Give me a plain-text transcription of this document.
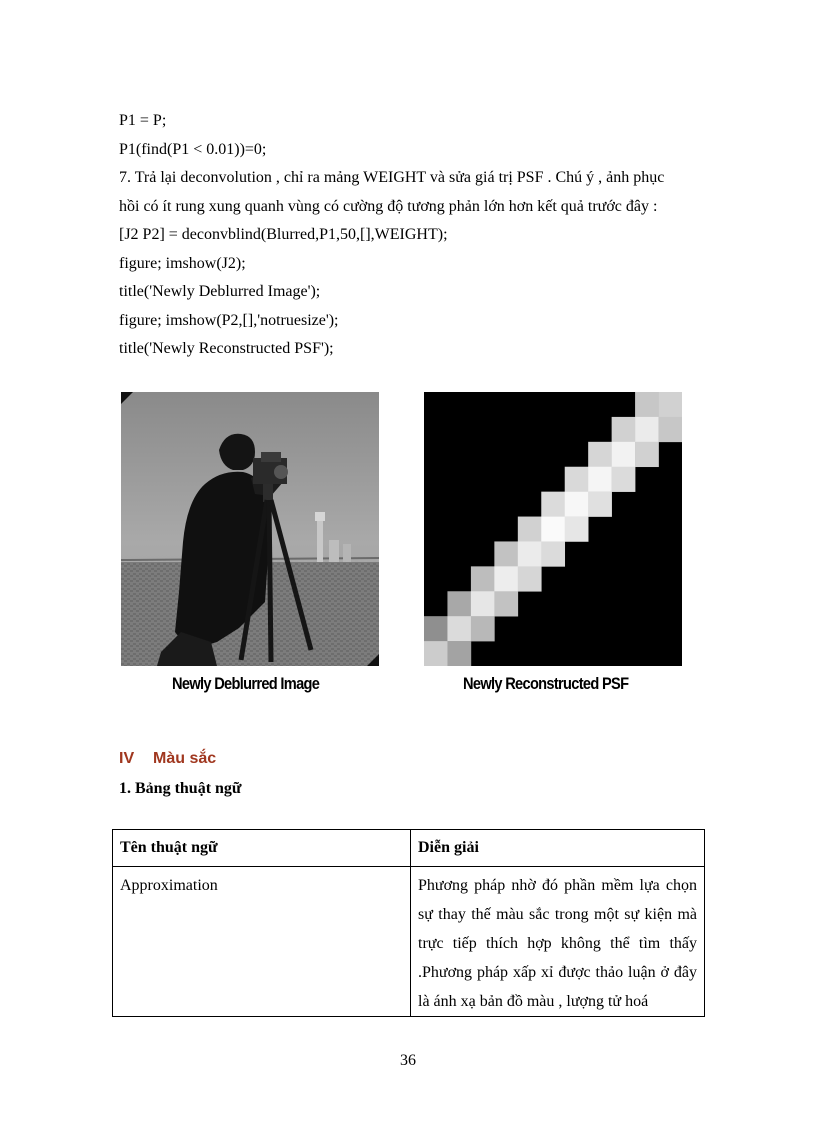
P1 = P;
P1(find(P1 < 0.01))=0;
7. Trả lại deconvolution , chỉ ra mảng WEIGHT và sửa giá trị PSF . Chú ý , ảnh phục
hồi có ít rung xung quanh vùng có cường độ tương phản lớn hơn kết quả trước đây :
[J2 P2] = deconvblind(Blurred,P1,50,[],WEIGHT);
figure; imshow(J2);
title('Newly Deblurred Image');
figure; imshow(P2,[],'notruesize');
title('Newly Reconstructed PSF');
Newly Deblurred Image	Newly Reconstructed PSF
IV Màu sắc
1. Bảng thuật ngữ
Tên thuật ngữ	Diễn giải
Approximation	Phương pháp nhờ đó phần mềm lựa chọn sự thay thế màu sắc trong một sự kiện mà trực tiếp thích hợp không thể tìm thấy .Phương pháp xấp xỉ được thảo luận ở đây là ánh xạ bản đồ màu , lượng tử hoá
36
